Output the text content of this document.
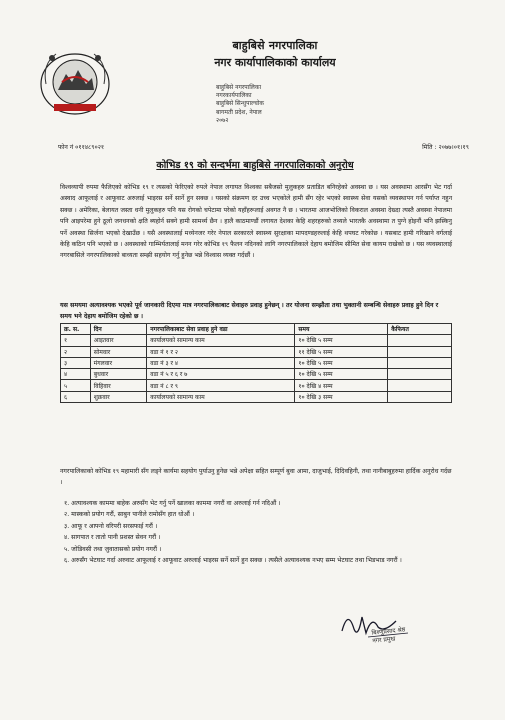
बाहुबिसे नगरपालिका
नगर कार्यापालिकाको कार्यालय
बाहुबिसे नगरपालिका
नगरकार्यपालिका
बाहुबिसे सिन्धुपाल्चोक
बागमती प्रदेश, नेपाल
२०७२
फोन नं ०११४८९०२१	मिति : २०७७।०१।१९
कोभिड १९ को सन्दर्भमा बाहुबिसे नगरपालिकाको अनुरोध
विश्वव्यापी रुपमा फैलिएको कोभिड १९ र त्यसको फेरिएको रुपले नेपाल लगायत विश्वका सबैजसो मुलुकहरु प्रताडित बनिरहेको अवस्था छ । यस अवस्थामा आरसँग भेट गर्दा अस्वाद आफूलाई र आफूवाट अरुलाई भाइरस सर्ने सार्ने हुन सक्छ । यसको संक्रमण दर उच्च भएकोले हामी सँग रहेर भएको स्वास्थ्य सेवा यसको व्यवस्थापन गर्न पर्याप्त नहुन सक्छ । अमेरिका, बेलायत जस्ता धनी मुलुकहरु पनि यस रोगको चपेटामा परेको यहाँहरूलाई अवगत नै छ । भारतमा आजभोलिको विकराल अवस्था देख्दा त्यस्तै अवस्था नेपालमा पनि आइपरेमा हुने ठूलो जनधनको क्षति ब्यहोर्न सक्ने हामी सामर्थ्य छैन । हालै काठमाण्डौं लगायत देशका केहि शहरहरुको तथ्यले भारतकै अवस्थामा त पुग्ने होइनौं भनि झस्किनु पर्ने अवस्था सिर्जना भएको देखाउँछ । यसै अवस्थालाई मध्येनजर गरेर नेपाल सरकारले स्वास्थ्य सुरक्षाका मापदण्डहरुलाई केहि थपघट गरेकोछ । यसबाट हामी गरिखाने वर्गलाई केहि कठिन पनि भएको छ । अवस्थाको गाम्भिर्यतालाई मनन गरेर कोभिड १९ फैलन नदिनको लागि नगरपालिकाले देहाय बमोजिम सीमित सेवा कायम राखेको छ । यस व्यवस्थालाई नगरबासिले नगरपालिकाको बाध्यता सम्झी सहयोग गर्नु हुनेछ भन्ने विश्वास व्यक्त गर्दछौं ।
यस समयमा अत्यावश्यक भएको पूर्व जानकारी दिएमा मात्र नगरपालिकाबाट सेवाहरु प्रवाह हुनेछन् । तर योजना सम्झौता तथा भुक्तानी सम्बन्धि सेवाहरु प्रवाह हुने दिन र समय भने देहाय बमोजिम रहेको छ ।
क्र. स.	दिन	नगरपालिकाबाट सेवा प्रवाह हुने वडा	समय	कैफियत
१	आइतवार	कार्यालयको सामान्य काम	१० देखि ५ सम्म	
२	सोमवार	वडा नं १ र २	११ देखि ५ सम्म	
३	मंगलवार	वडा नं ३ र ४	१० देखि ५ सम्म	
४	बुधवार	वडा नं ५ र ६ र ७	१० देखि ५ सम्म	
५	विहिवार	वडा नं ८ र ९	१० देखि ४ सम्म	
६	शुक्रवार	कार्यालयको सामान्य काम	१० देखि ३ सम्म	
नगरपालिकाको कोभिड १९ महामारी सँग लड्ने कार्यमा सहयोग पुर्याउनु हुनेछ भन्ने अपेक्षा सहित सम्पूर्ण बुवा आमा, दाजुभाई, दिदिवहिनी, तथा नानीबाबुहरुमा हार्दिक अनुरोध गर्दछ ।
१. अत्यावश्यक काममा बाहेक अरुसँग भेट गर्नु पर्ने खालका काममा नगरौं वा अरुलाई गर्न नदिऔं ।
२. मास्कको प्रयोग गरौं, साबुन पानीले रामोसँग हात धोऔं ।
३. आफू र आफ्नो वरिपरी सरसफाई गरौं ।
४. सागपात र तातो पानी प्रशस्त सेवन गरौं ।
५. जोडिवसी तथा जुवातासको प्रयोग नगरौं ।
६. अरुसँग भेटघाट गर्दा अरुवाट आफूलाई र आफूवाट अरुलाई भाइरस सर्ने सार्ने हुन सक्छ । त्यसैले अत्यावश्यक नभए सम्म भेटघाट तथा भिडभाड नगरौं ।
बिश्णुप्रसाद श्रेष्ठ
नगर प्रमुख
